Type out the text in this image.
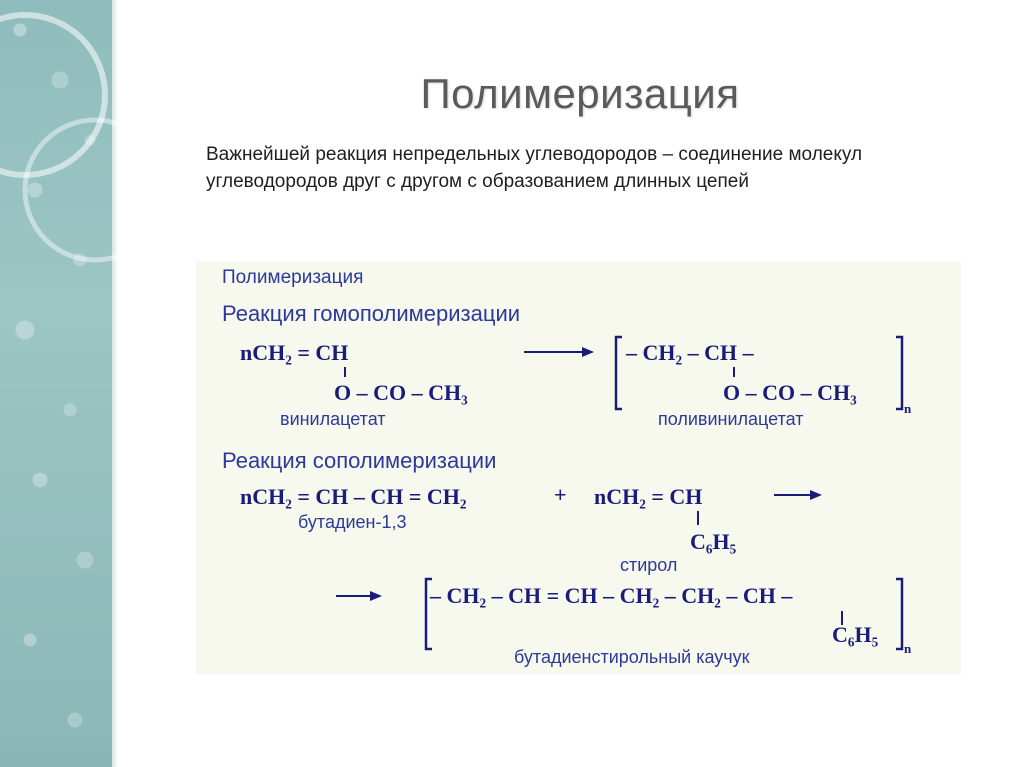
Полимеризация
Важнейшей реакция непредельных углеводородов – соединение молекул углеводородов друг с другом с образованием длинных цепей
Полимеризация
Реакция гомополимеризации
nCH₂ = CH
O – CO – CH₃
винилацетат
– CH₂ – CH –
O – CO – CH₃
n
поливинилацетат
Реакция сополимеризации
nCH₂ = CH – CH = CH₂	+
бутадиен-1,3
nCH₂ = CH
C₆H₅
стирол
– CH₂ – CH = CH – CH₂ – CH₂ – CH –
C₆H₅
n
бутадиенстирольный каучук
